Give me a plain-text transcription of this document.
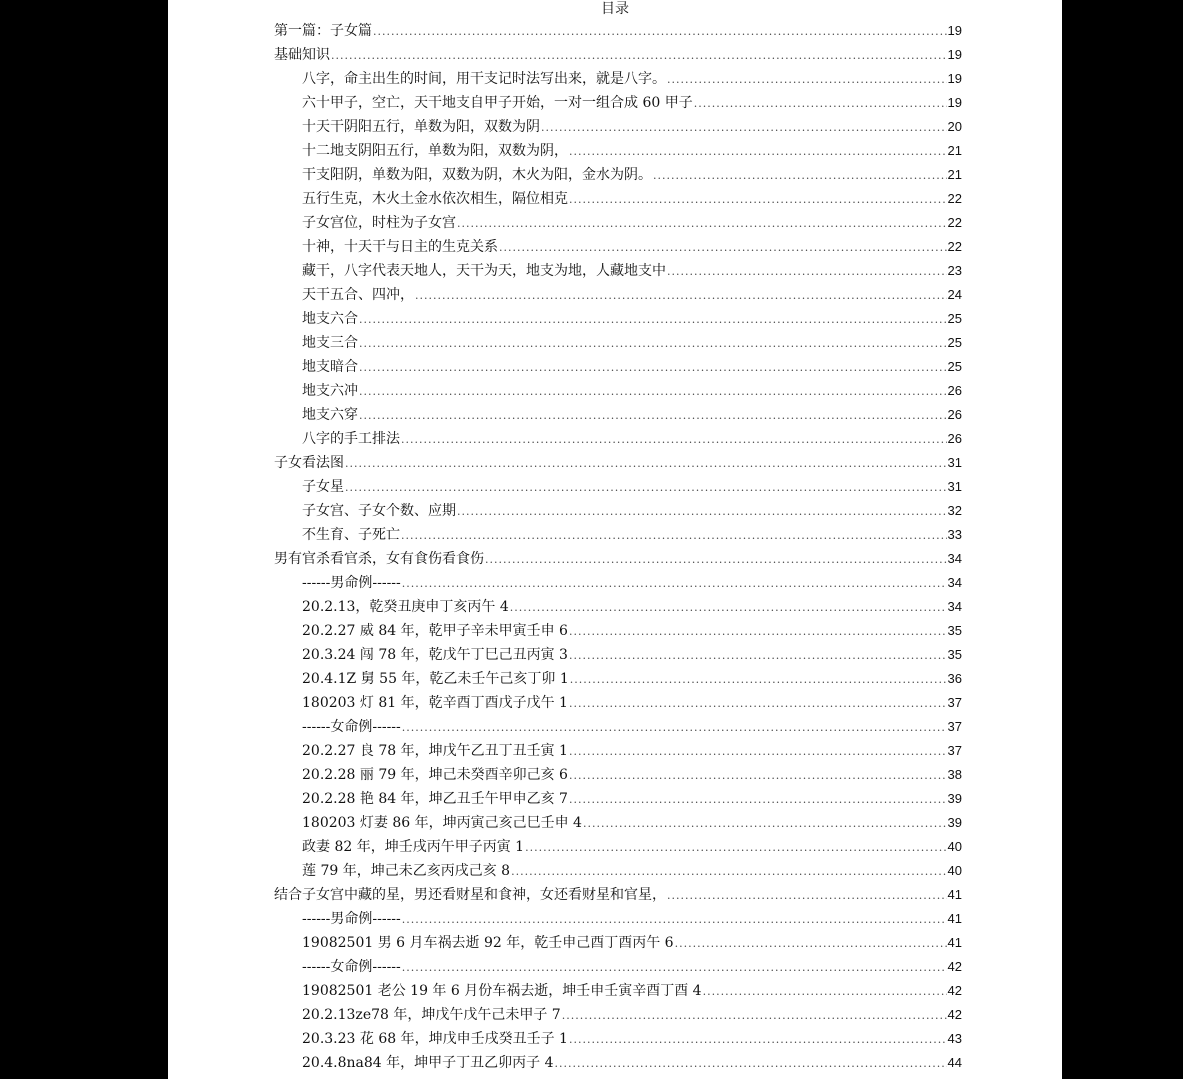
目录
第一篇：子女篇 .....	19
基础知识 .....	19
八字，命主出生的时间，用干支记时法写出来，就是八字。 .....	19
六十甲子，空亡，天干地支自甲子开始，一对一组合成 60 甲子 .....	19
十天干阴阳五行，单数为阳，双数为阴 .....	20
十二地支阴阳五行，单数为阳，双数为阴， .....	21
干支阳阴，单数为阳，双数为阴，木火为阳，金水为阴。 .....	21
五行生克，木火土金水依次相生，隔位相克 .....	22
子女宫位，时柱为子女宫 .....	22
十神，十天干与日主的生克关系 .....	22
藏干，八字代表天地人，天干为天，地支为地，人藏地支中 .....	23
天干五合、四冲， .....	24
地支六合 .....	25
地支三合 .....	25
地支暗合 .....	25
地支六冲 .....	26
地支六穿 .....	26
八字的手工排法 .....	26
子女看法图 .....	31
子女星 .....	31
子女宫、子女个数、应期 .....	32
不生育、子死亡 .....	33
男有官杀看官杀，女有食伤看食伤 .....	34
------男命例------ .....	34
20.2.13，乾癸丑庚申丁亥丙午 4 .....	34
20.2.27 威 84 年，乾甲子辛未甲寅壬申 6 .....	35
20.3.24 闯 78 年，乾戊午丁巳己丑丙寅 3 .....	35
20.4.1Z 舅 55 年，乾乙未壬午己亥丁卯 1 .....	36
180203 灯 81 年，乾辛酉丁酉戊子戊午 1 .....	37
------女命例------ .....	37
20.2.27 良 78 年，坤戊午乙丑丁丑壬寅 1 .....	37
20.2.28 丽 79 年，坤己未癸酉辛卯己亥 6 .....	38
20.2.28 艳 84 年，坤乙丑壬午甲申乙亥 7 .....	39
180203 灯妻 86 年，坤丙寅己亥己巳壬申 4 .....	39
政妻 82 年，坤壬戌丙午甲子丙寅 1 .....	40
莲 79 年，坤己未乙亥丙戌己亥 8 .....	40
结合子女宫中藏的星，男还看财星和食神，女还看财星和官星， .....	41
------男命例------ .....	41
19082501 男 6 月车祸去逝 92 年，乾壬申己酉丁酉丙午 6 .....	41
------女命例------ .....	42
19082501 老公 19 年 6 月份车祸去逝，坤壬申壬寅辛酉丁酉 4 .....	42
20.2.13ze78 年，坤戊午戊午己未甲子 7 .....	42
20.3.23 花 68 年，坤戊申壬戌癸丑壬子 1 .....	43
20.4.8na84 年，坤甲子丁丑乙卯丙子 4 .....	44
